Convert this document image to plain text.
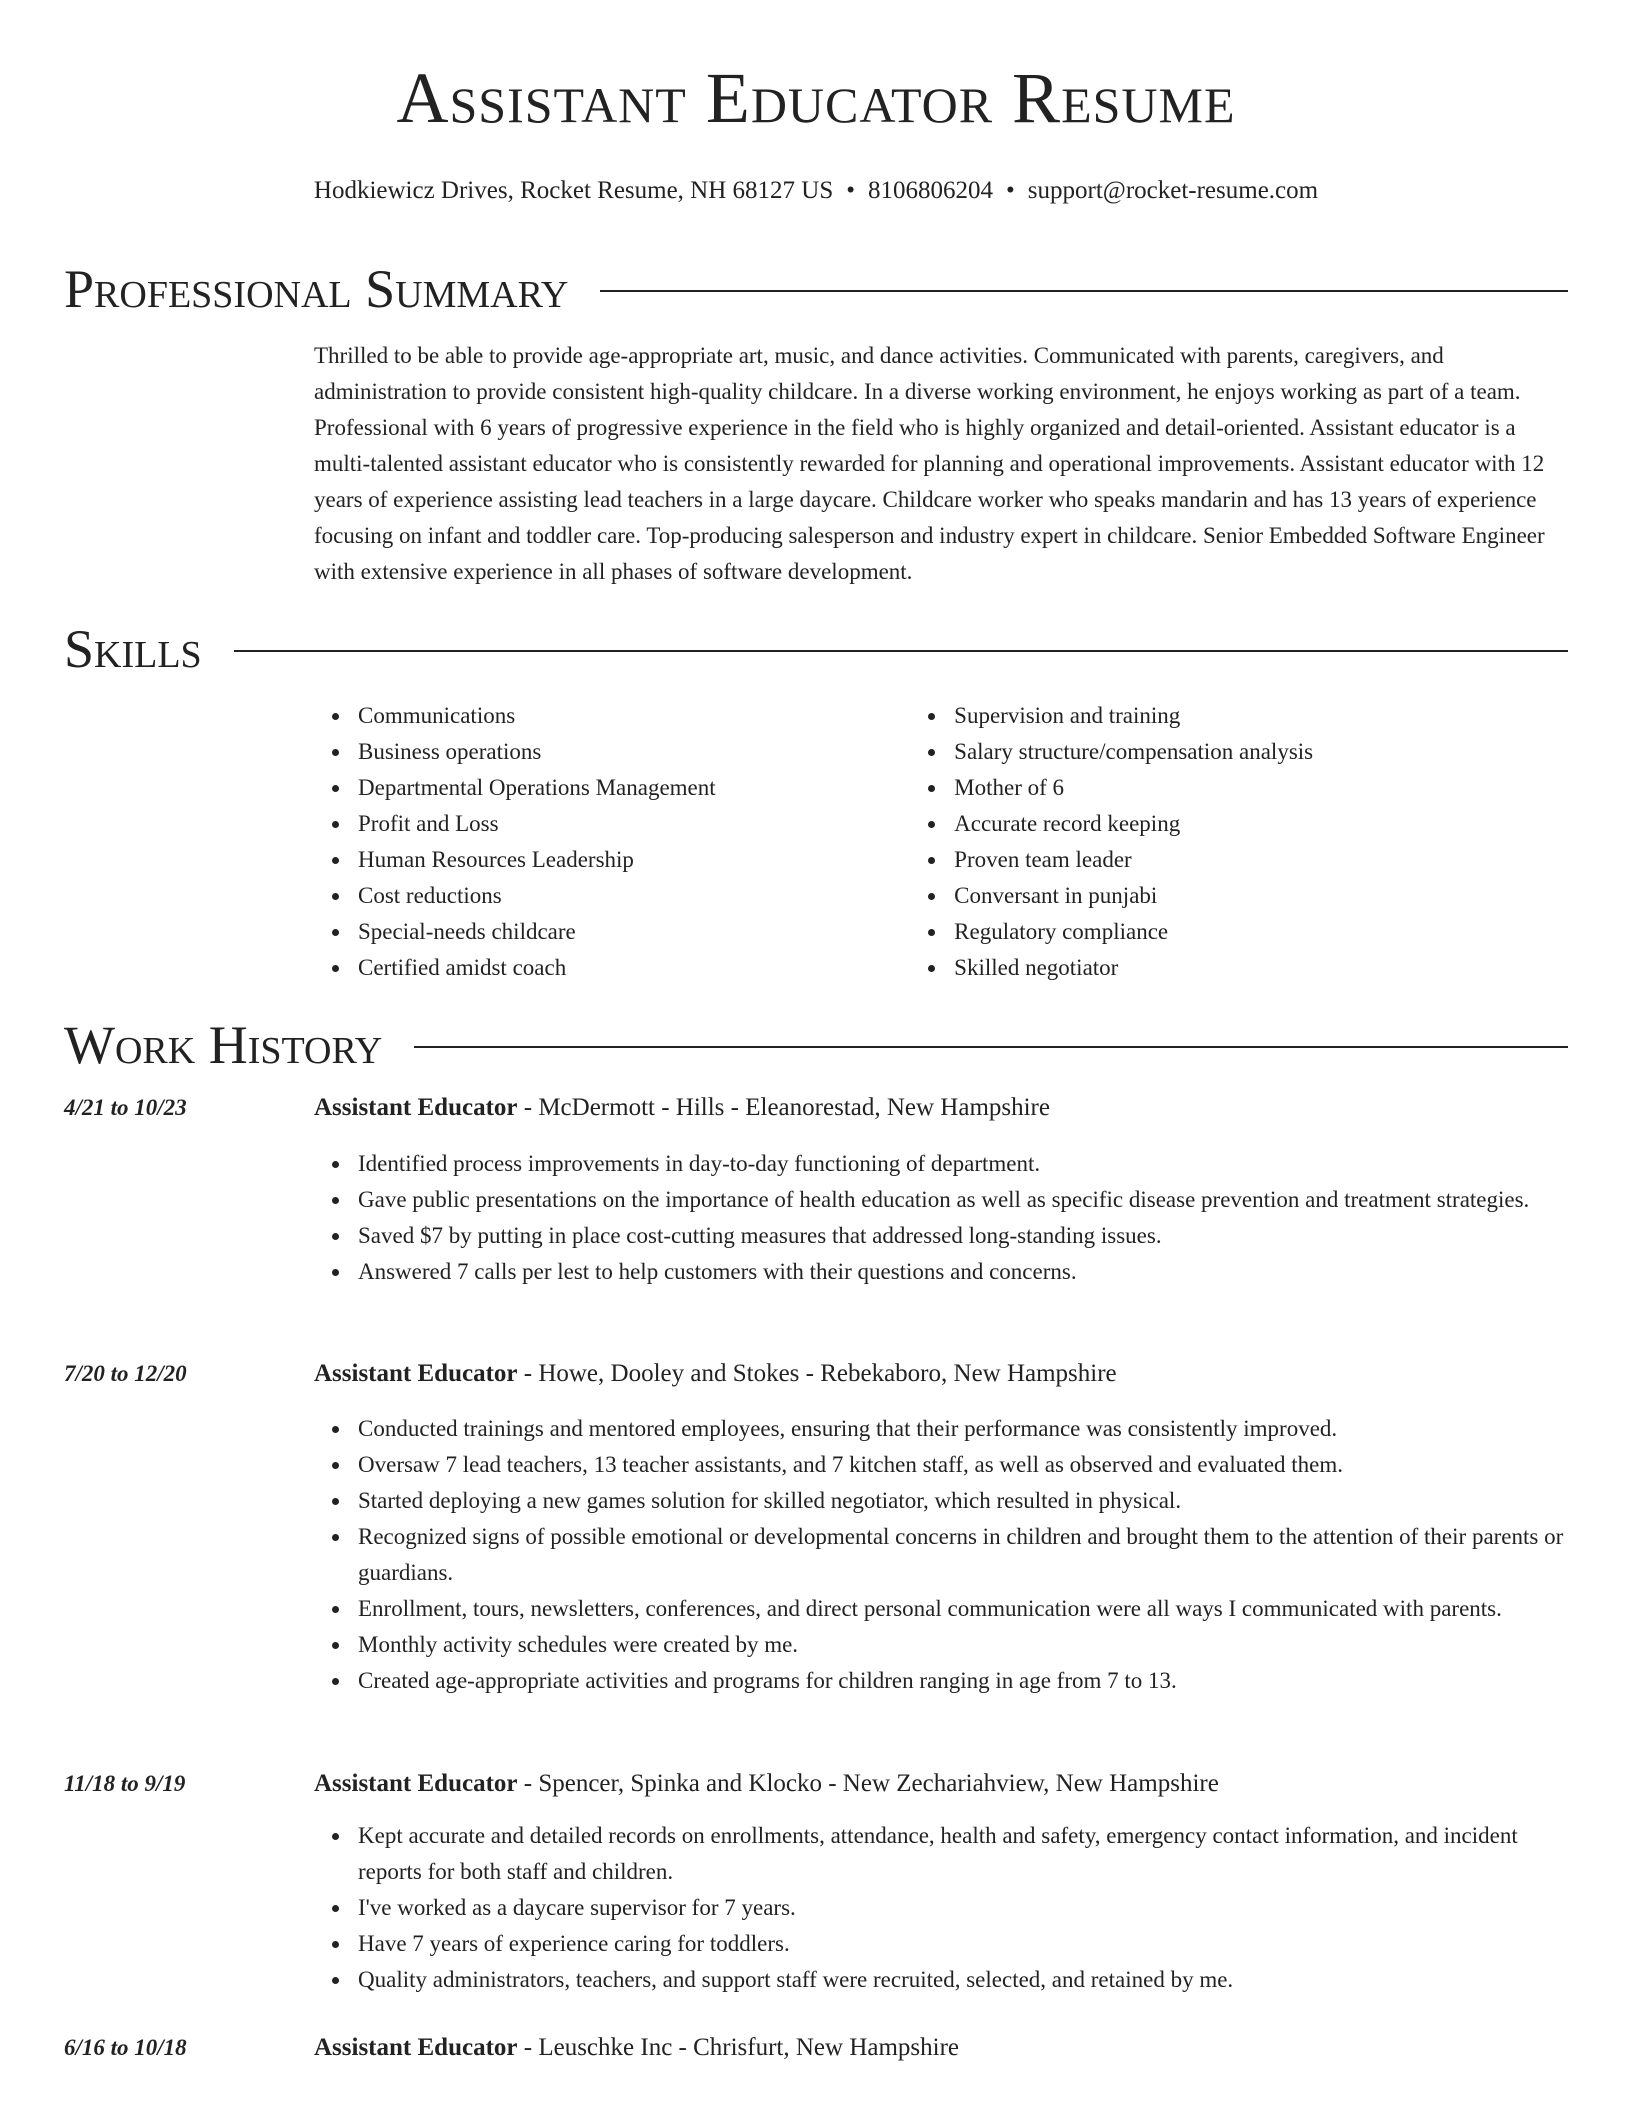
Assistant Educator Resume
Hodkiewicz Drives, Rocket Resume, NH 68127 US • 8106806204 • support@rocket-resume.com
Professional Summary

Thrilled to be able to provide age-appropriate art, music, and dance activities. Communicated with parents, caregivers, and administration to provide consistent high-quality childcare. In a diverse working environment, he enjoys working as part of a team. Professional with 6 years of progressive experience in the field who is highly organized and detail-oriented. Assistant educator is a multi-talented assistant educator who is consistently rewarded for planning and operational improvements. Assistant educator with 12 years of experience assisting lead teachers in a large daycare. Childcare worker who speaks mandarin and has 13 years of experience focusing on infant and toddler care. Top-producing salesperson and industry expert in childcare. Senior Embedded Software Engineer with extensive experience in all phases of software development.

Skills
Communications
Business operations
Departmental Operations Management
Profit and Loss
Human Resources Leadership
Cost reductions
Special-needs childcare
Certified amidst coach
Supervision and training
Salary structure/compensation analysis
Mother of 6
Accurate record keeping
Proven team leader
Conversant in punjabi
Regulatory compliance
Skilled negotiator
Work History
4/21 to 10/23	Assistant Educator - McDermott - Hills - Eleanorestad, New Hampshire
Identified process improvements in day-to-day functioning of department.
Gave public presentations on the importance of health education as well as specific disease prevention and treatment strategies.
Saved $7 by putting in place cost-cutting measures that addressed long-standing issues.
Answered 7 calls per lest to help customers with their questions and concerns.
7/20 to 12/20	Assistant Educator - Howe, Dooley and Stokes - Rebekaboro, New Hampshire
Conducted trainings and mentored employees, ensuring that their performance was consistently improved.
Oversaw 7 lead teachers, 13 teacher assistants, and 7 kitchen staff, as well as observed and evaluated them.
Started deploying a new games solution for skilled negotiator, which resulted in physical.
Recognized signs of possible emotional or developmental concerns in children and brought them to the attention of their parents or guardians.
Enrollment, tours, newsletters, conferences, and direct personal communication were all ways I communicated with parents.
Monthly activity schedules were created by me.
Created age-appropriate activities and programs for children ranging in age from 7 to 13.
11/18 to 9/19	Assistant Educator - Spencer, Spinka and Klocko - New Zechariahview, New Hampshire
Kept accurate and detailed records on enrollments, attendance, health and safety, emergency contact information, and incident reports for both staff and children.
I've worked as a daycare supervisor for 7 years.
Have 7 years of experience caring for toddlers.
Quality administrators, teachers, and support staff were recruited, selected, and retained by me.
6/16 to 10/18	Assistant Educator - Leuschke Inc - Chrisfurt, New Hampshire
